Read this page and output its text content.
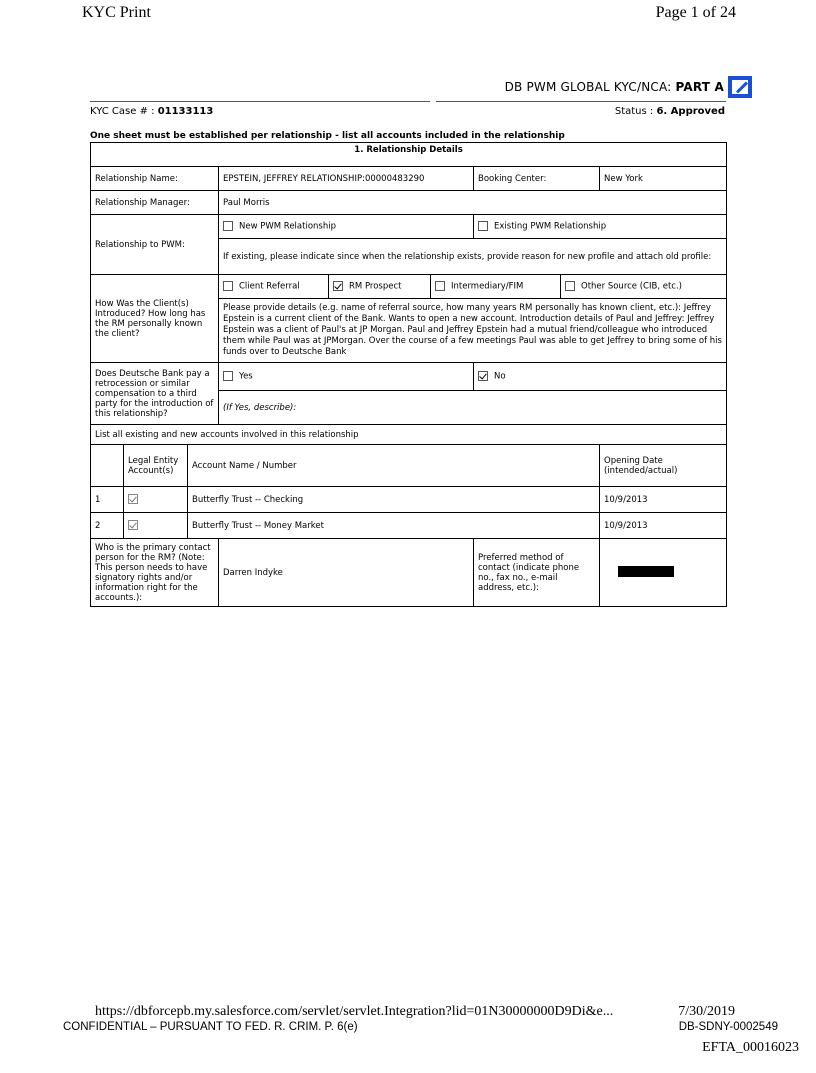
KYC Print	Page 1 of 24
DB PWM GLOBAL KYC/NCA: PART A
KYC Case # : 01133113	Status : 6. Approved
One sheet must be established per relationship - list all accounts included in the relationship
1. Relationship Details								
Relationship Name:			EPSTEIN, JEFFREY RELATIONSHIP:00000483290			Booking Center:		New York
Relationship Manager:			Paul Morris					
Relationship to PWM:			New PWM Relationship			Existing PWM Relationship		
			If existing, please indicate since when the relationship exists, provide reason for new profile and attach old profile:					
How Was the Client(s) Introduced? How long has the RM personally known the client?			Client Referral	RM Prospect	Intermediary/FIM		Other Source (CIB, etc.)	
			Please provide details (e.g. name of referral source, how many years RM personally has known client, etc.): Jeffrey Epstein is a current client of the Bank. Wants to open a new account. Introduction details of Paul and Jeffrey: Jeffrey Epstein was a client of Paul's at JP Morgan. Paul and Jeffrey Epstein had a mutual friend/colleague who introduced them while Paul was at JPMorgan. Over the course of a few meetings Paul was able to get Jeffrey to bring some of his funds over to Deutsche Bank					
Does Deutsche Bank pay a retrocession or similar compensation to a third party for the introduction of this relationship?			Yes			No		
			(If Yes, describe):					
List all existing and new accounts involved in this relationship								
	Legal Entity Account(s)	Account Name / Number						Opening Date (intended/actual)
1		Butterfly Trust -- Checking						10/9/2013
2		Butterfly Trust -- Money Market						10/9/2013
Who is the primary contact person for the RM? (Note: This person needs to have signatory rights and/or information right for the accounts.):			Darren Indyke			Preferred method of contact (indicate phone no., fax no., e-mail address, etc.):		
https://dbforcepb.my.salesforce.com/servlet/servlet.Integration?lid=01N30000000D9Di&e...	7/30/2019
CONFIDENTIAL – PURSUANT TO FED. R. CRIM. P. 6(e)	DB-SDNY-0002549
EFTA_00016023
